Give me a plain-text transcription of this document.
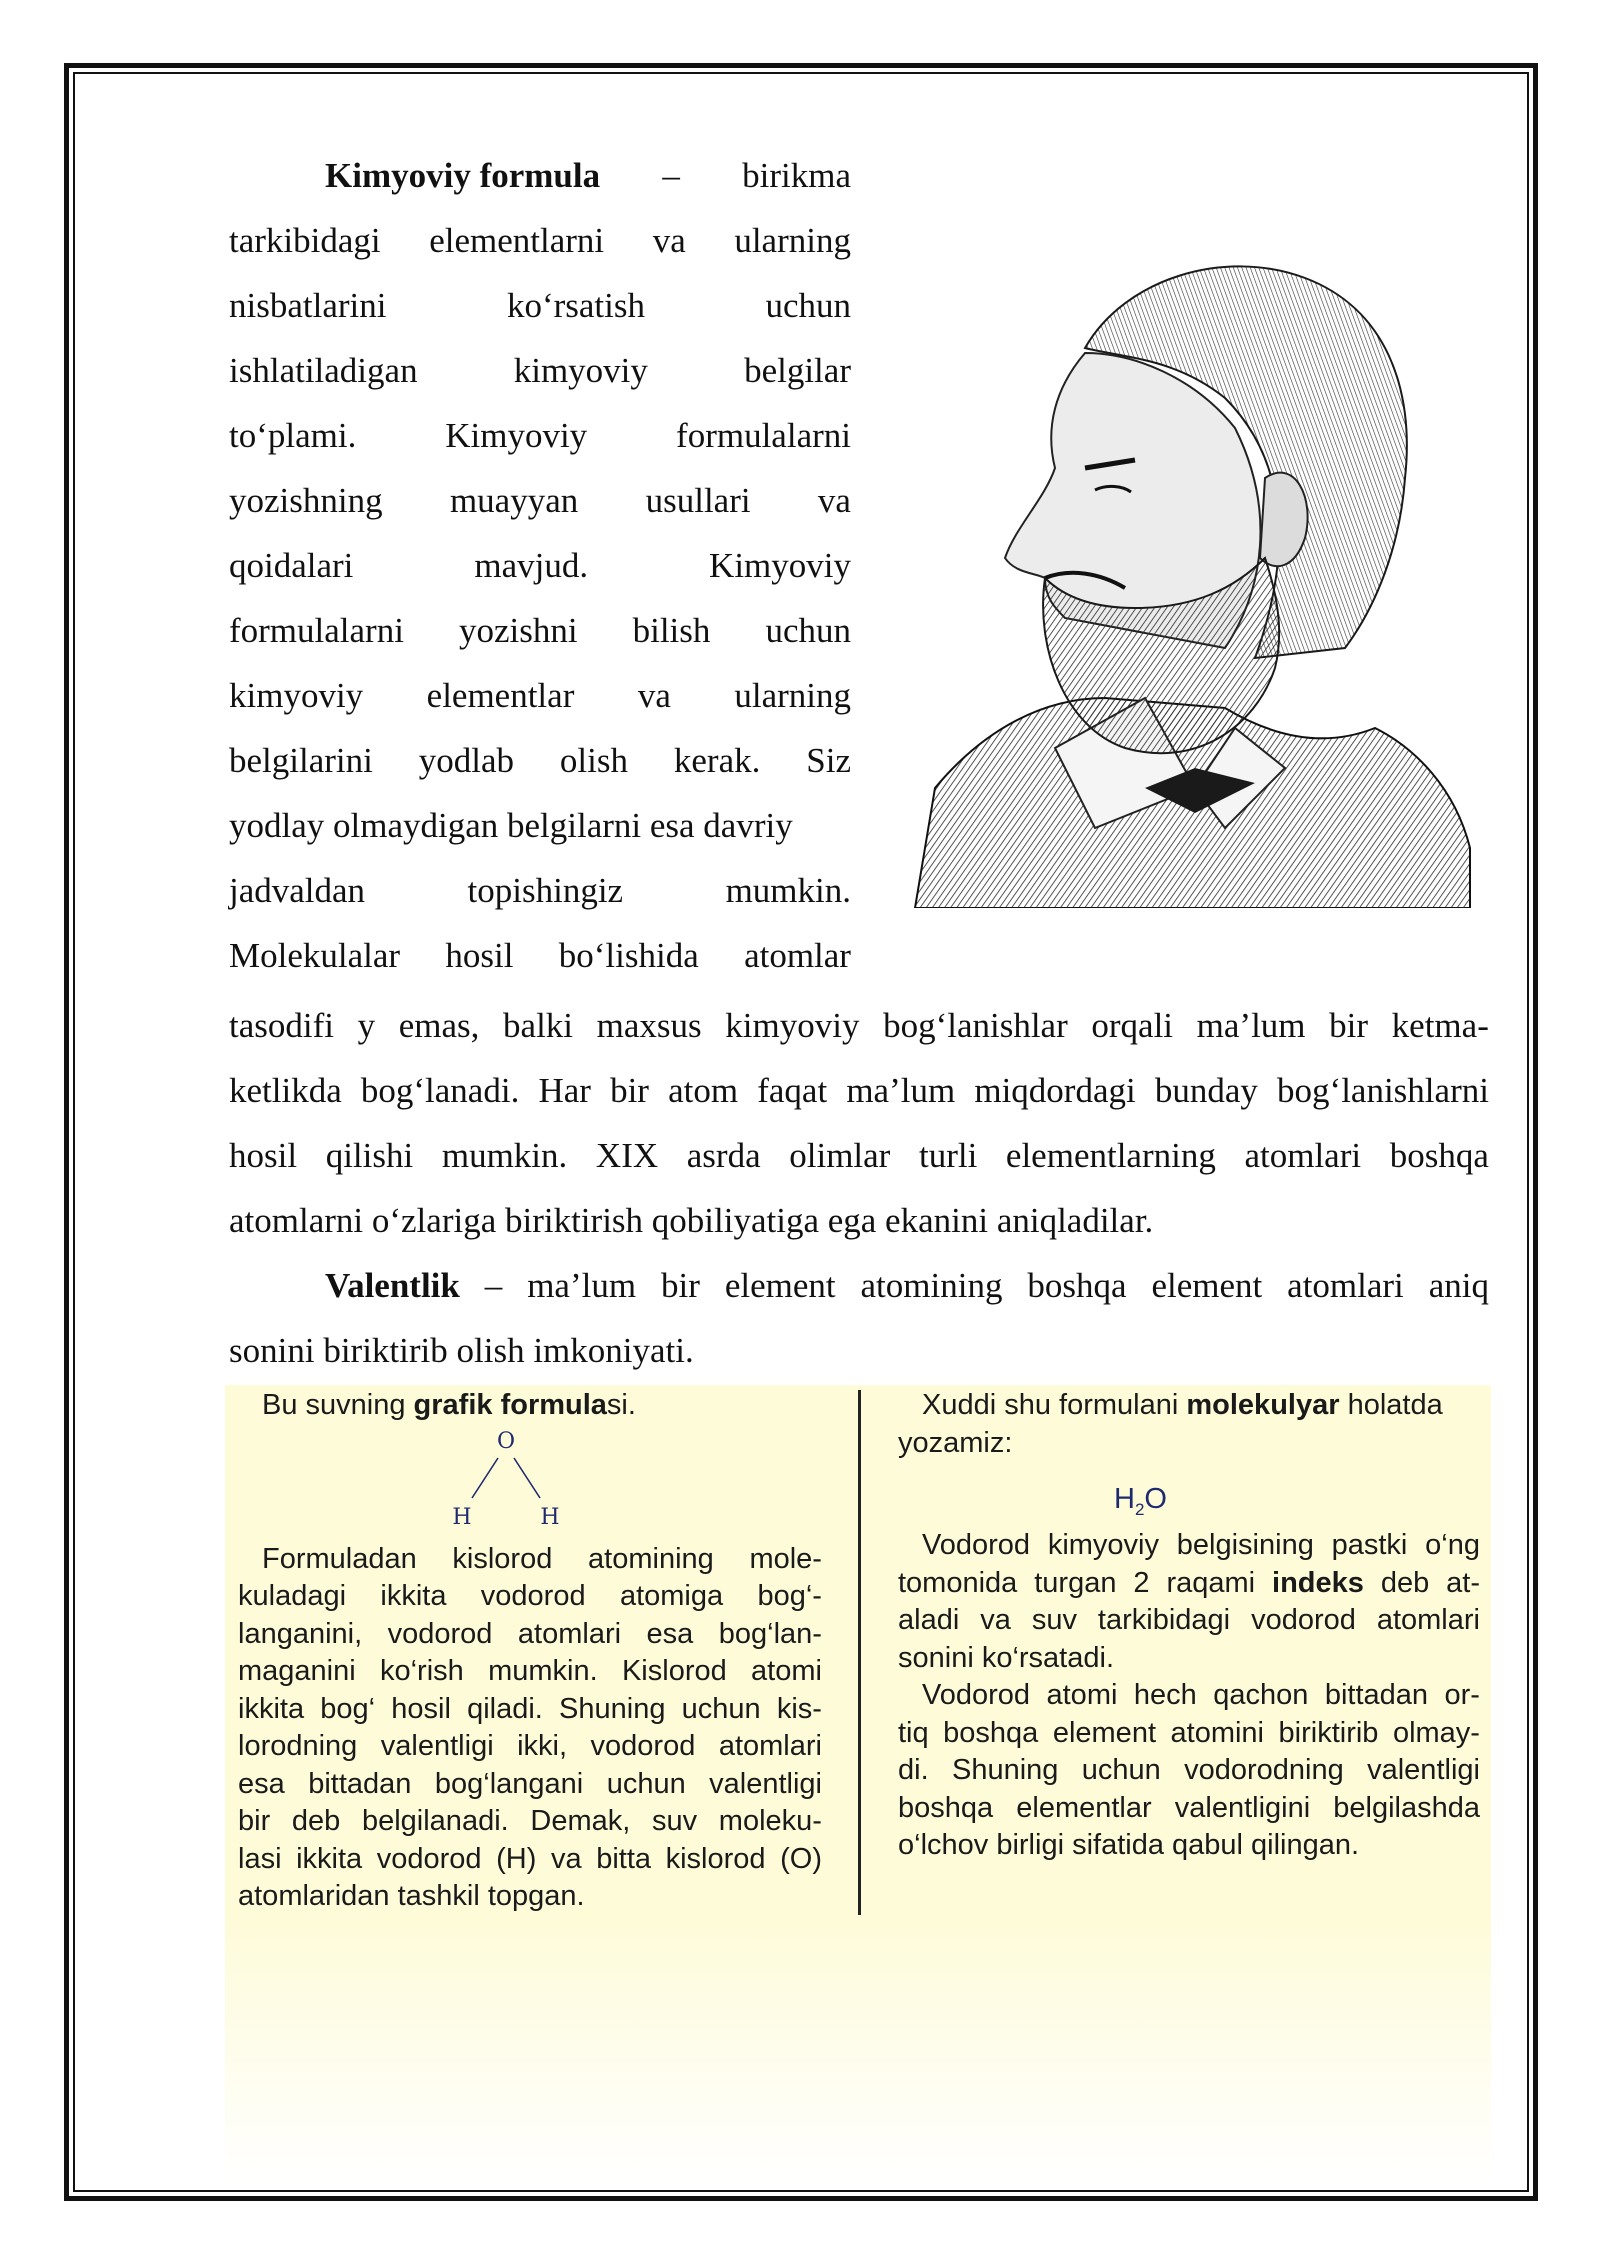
Kimyoviy formula – birikma
tarkibidagi elementlarni va ularning
nisbatlarini	ko‘rsatish	uchun
ishlatiladigan	kimyoviy	belgilar
to‘plami.	Kimyoviy	formulalarni
yozishning muayyan usullari va
qoidalari	mavjud.	Kimyoviy
formulalarni yozishni bilish uchun
kimyoviy elementlar va ularning
belgilarini yodlab olish kerak. Siz
yodlay olmaydigan belgilarni esa davriy
jadvaldan	topishingiz	mumkin.
Molekulalar hosil bo‘lishida atomlar
tasodifi y emas, balki maxsus kimyoviy bog‘lanishlar orqali ma’lum bir ketma-
ketlikda bog‘lanadi. Har bir atom faqat ma’lum miqdordagi bunday bog‘lanishlarni
hosil qilishi mumkin. XIX asrda olimlar turli elementlarning atomlari boshqa
atomlarni o‘zlariga biriktirish qobiliyatiga ega ekanini aniqladilar.
Valentlik – ma’lum bir element atomining boshqa element atomlari aniq
sonini biriktirib olish imkoniyati.
Bu suvning grafik formulasi.
Formuladan kislorod atomining mole-
kuladagi ikkita vodorod atomiga bog‘-
langanini, vodorod atomlari esa bog‘lan-
maganini ko‘rish mumkin. Kislorod atomi
ikkita bog‘ hosil qiladi. Shuning uchun kis-
lorodning valentligi ikki, vodorod atomlari
esa bittadan bog‘langani uchun valentligi
bir deb belgilanadi. Demak, suv moleku-
lasi ikkita vodorod (H) va bitta kislorod (O)
atomlaridan tashkil topgan.
O
H	H
Xuddi shu formulani molekulyar holatda
yozamiz:
Vodorod kimyoviy belgisining pastki o‘ng
tomonida turgan 2 raqami indeks deb at-
aladi va suv tarkibidagi vodorod atomlari
sonini ko‘rsatadi.
Vodorod atomi hech qachon bittadan or-
tiq boshqa element atomini biriktirib olmay-
di. Shuning uchun vodorodning valentligi
boshqa elementlar valentligini belgilashda
o‘lchov birligi sifatida qabul qilingan.
$H_2O$
